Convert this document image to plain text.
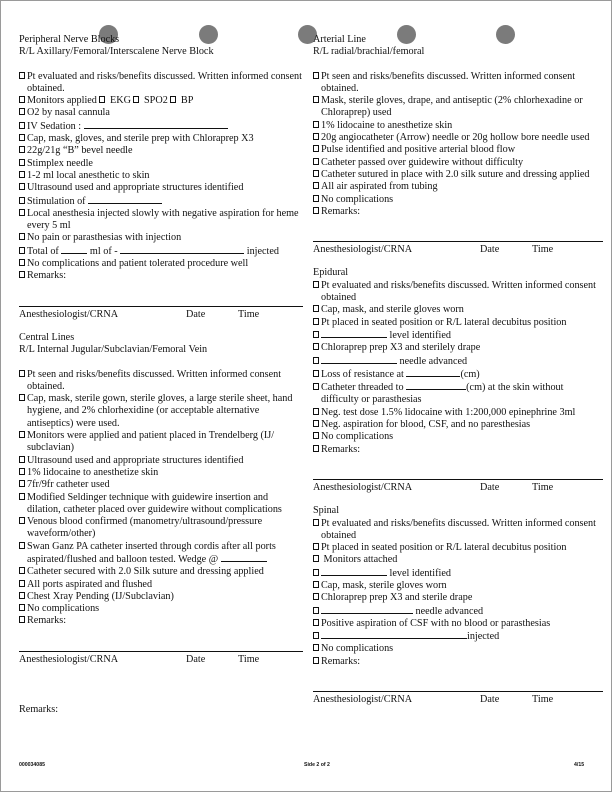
Peripheral Nerve Blocks
R/L Axillary/Femoral/Interscalene Nerve Block
Pt evaluated and risks/benefits discussed. Written informed consent obtained.
Monitors applied  EKG  SPO2  BP
O2 by nasal cannula
IV Sedation :
Cap, mask, gloves, and sterile prep with Chloraprep X3
22g/21g “B” bevel needle
Stimplex needle
1-2 ml local anesthetic to skin
Ultrasound used and appropriate structures identified
Stimulation of
Local anesthesia injected slowly with negative aspiration for heme every 5 ml
No pain or parasthesias with injection
Total of	ml of -	injected
No complications and patient tolerated procedure well
Remarks:
Anesthesiologist/CRNA	Date	Time
Central Lines
R/L Internal Jugular/Subclavian/Femoral Vein
Pt seen and risks/benefits discussed. Written informed consent obtained.
Cap, mask, sterile gown, sterile gloves, a large sterile sheet, hand hygiene, and 2% chlorhexidine (or acceptable alternative antiseptics) were used.
Monitors were applied and patient placed in Trendelberg (IJ/ subclavian)
Ultrasound used and appropriate structures identified
1% lidocaine to anesthetize skin
7fr/9fr catheter used
Modified Seldinger technique with guidewire insertion and dilation, catheter placed over guidewire without complications
Venous blood confirmed (manometry/ultrasound/pressure waveform/other)
Swan Ganz PA catheter inserted through cordis after all ports aspirated/flushed and balloon tested. Wedge @
Catheter secured with 2.0 Silk suture and dressing applied
All ports aspirated and flushed
Chest Xray Pending (IJ/Subclavian)
No complications
Remarks:
Anesthesiologist/CRNA	Date	Time
Remarks:
Arterial Line
R/L radial/brachial/femoral
Pt seen and risks/benefits discussed. Written informed consent obtained.
Mask, sterile gloves, drape, and antiseptic (2% chlorhexadine or Chloraprep) used
1% lidocaine to anesthetize skin
20g angiocatheter (Arrow) needle or 20g hollow bore needle used
Pulse identified and positive arterial blood flow
Catheter passed over guidewire without difficulty
Catheter sutured in place with 2.0 silk suture and dressing applied
All air aspirated from tubing
No complications
Remarks:
Anesthesiologist/CRNA	Date	Time
Epidural
Pt evaluated and risks/benefits discussed. Written informed consent obtained
Cap, mask, and sterile gloves worn
Pt placed in seated position or R/L lateral decubitus position
level identified
Chloraprep prep X3 and sterilely drape
needle advanced
Loss of resistance at	(cm)
Catheter threaded to	(cm) at the skin without difficulty or parasthesias
Neg. test dose 1.5% lidocaine with 1:200,000 epinephrine 3ml
Neg. aspiration for blood, CSF, and no paresthesias
No complications
Remarks:
Anesthesiologist/CRNA	Date	Time
Spinal
Pt evaluated and risks/benefits discussed. Written informed consent obtained
Pt placed in seated position or R/L lateral decubitus position
Monitors attached
level identified
Cap, mask, sterile gloves worn
Chloraprep prep X3 and sterile drape
needle advanced
Positive aspiration of CSF with no blood or parasthesias
injected
No complications
Remarks:
Anesthesiologist/CRNA	Date	Time
000034085	Side 2 of 2	4/15
